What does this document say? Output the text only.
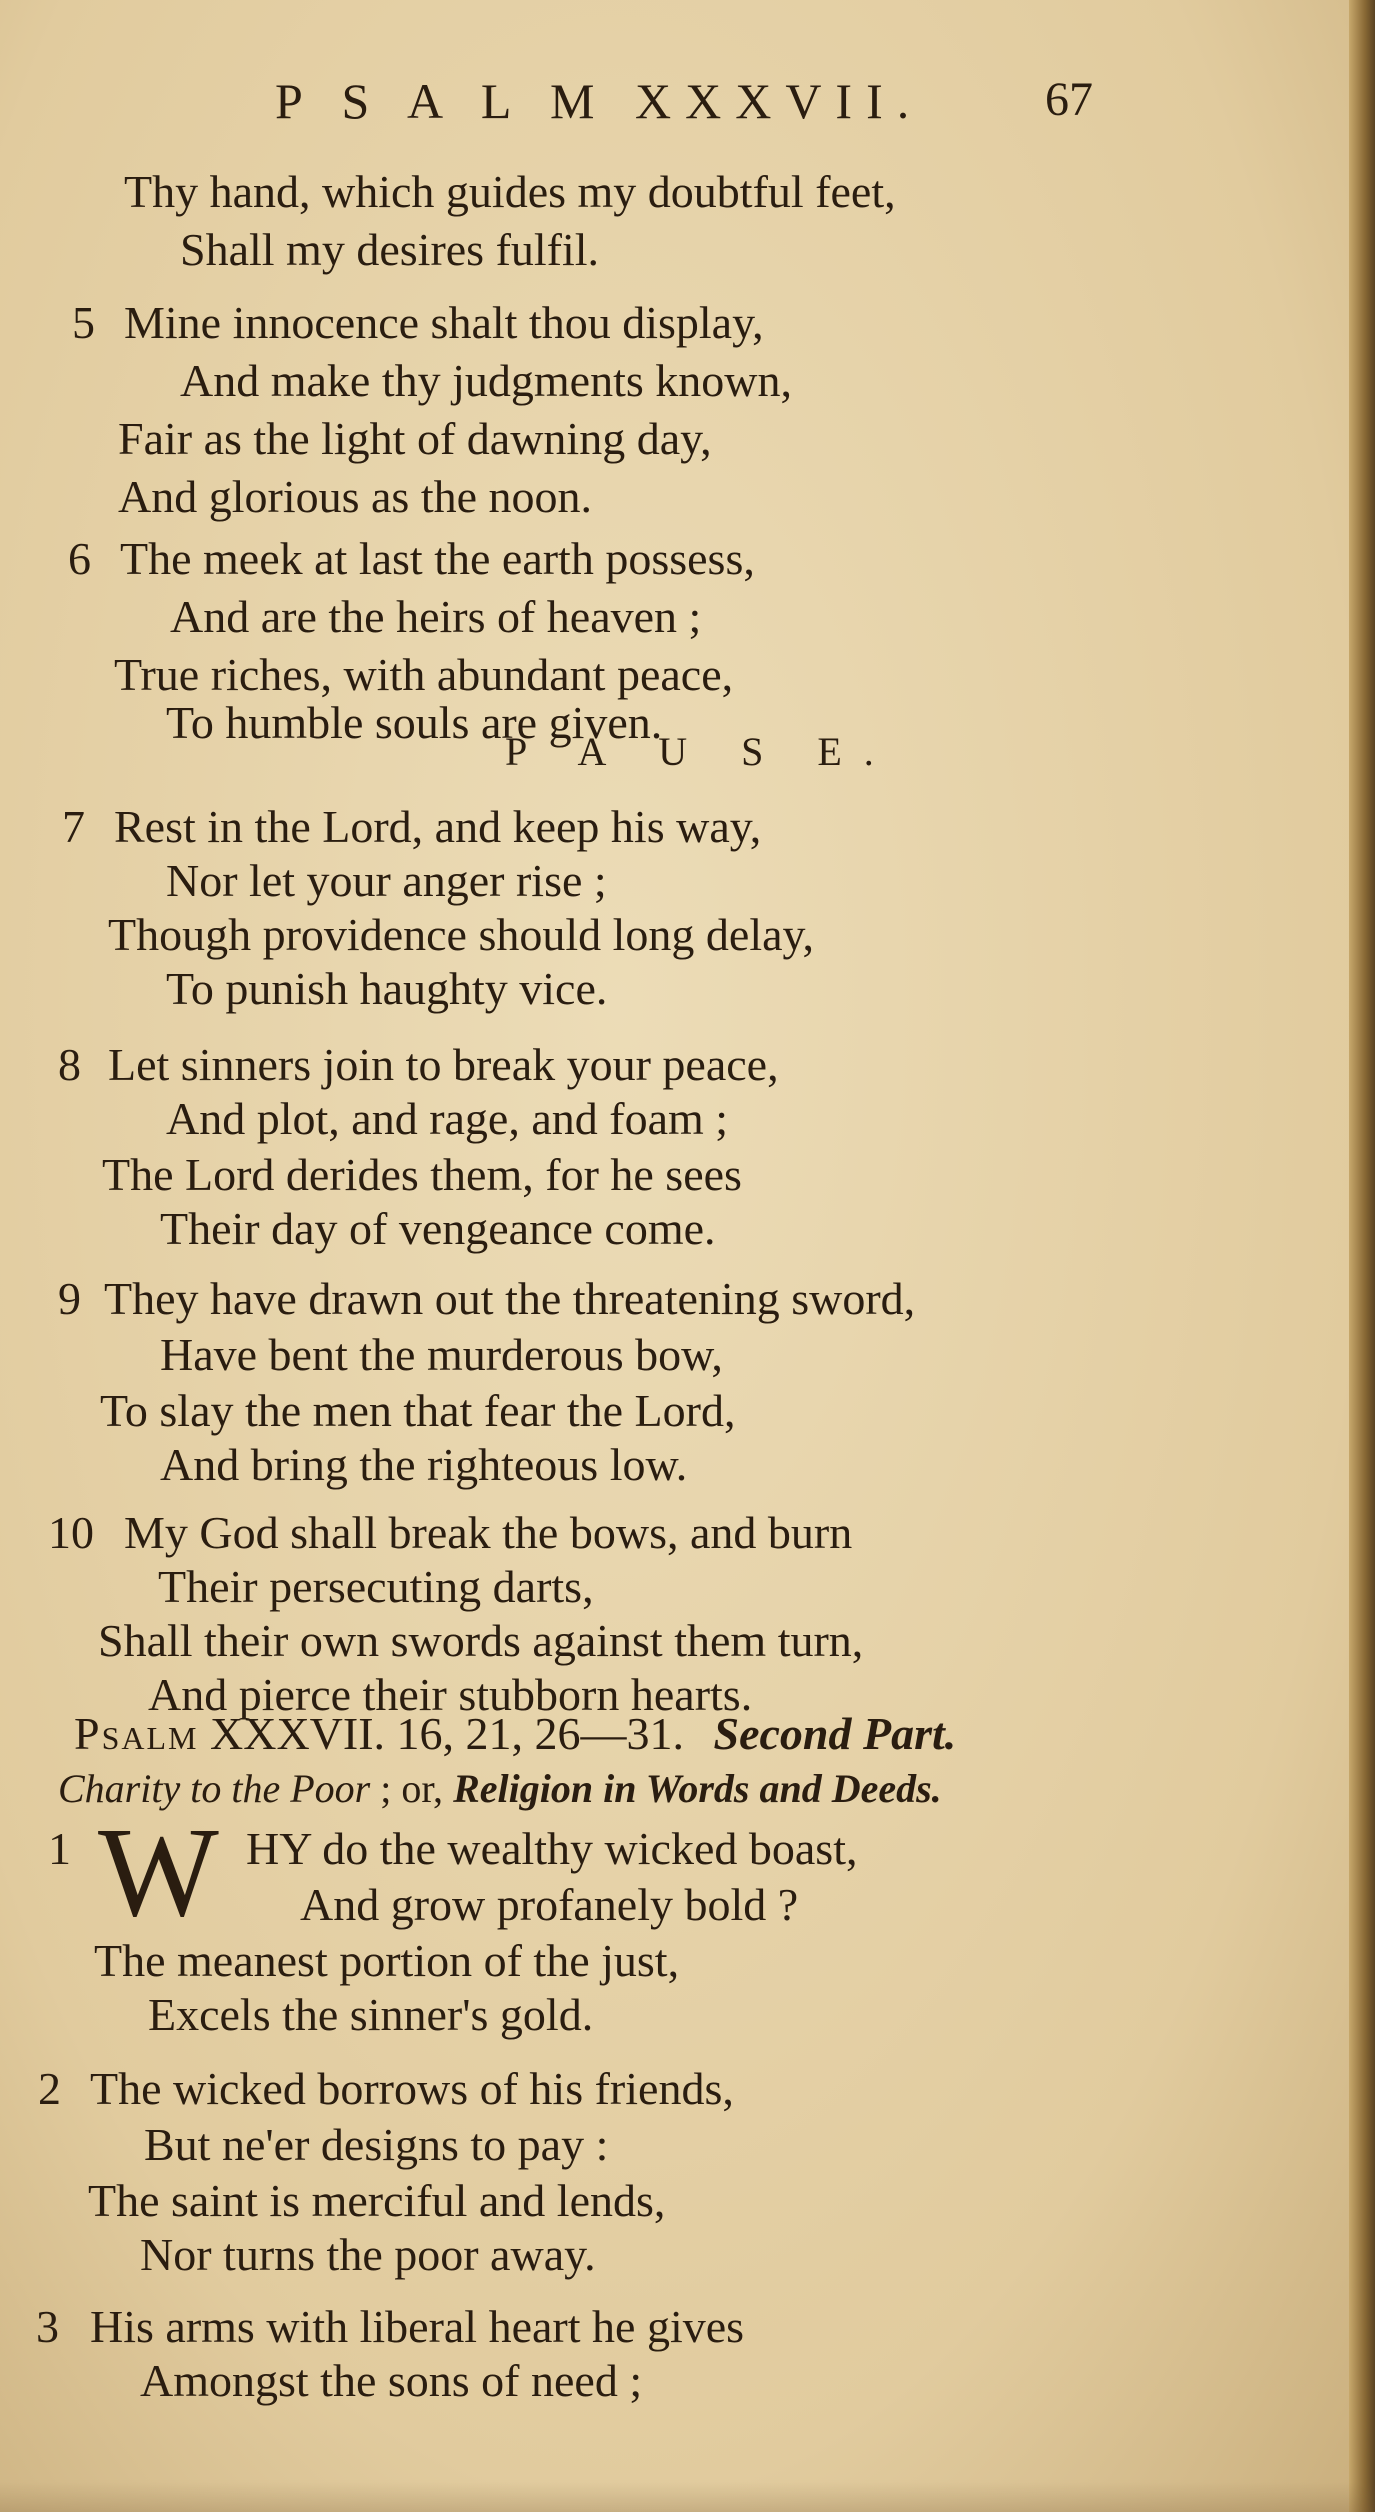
P S A L M XXXVII.	67
Thy hand, which guides my doubtful feet,
Shall my desires fulfil.
5 Mine innocence shalt thou display,
And make thy judgments known,
Fair as the light of dawning day,
And glorious as the noon.
6 The meek at last the earth possess,
And are the heirs of heaven ;
True riches, with abundant peace,
To humble souls are given.
P A U S E.
7 Rest in the Lord, and keep his way,
Nor let your anger rise ;
Though providence should long delay,
To punish haughty vice.
8 Let sinners join to break your peace,
And plot, and rage, and foam ;
The Lord derides them, for he sees
Their day of vengeance come.
9 They have drawn out the threatening sword,
Have bent the murderous bow,
To slay the men that fear the Lord,
And bring the righteous low.
10 My God shall break the bows, and burn
Their persecuting darts,
Shall their own swords against them turn,
And pierce their stubborn hearts.
Psalm XXXVII. 16, 21, 26—31. Second Part.
Charity to the Poor ; or, Religion in Words and Deeds.
1 W HY do the wealthy wicked boast,
And grow profanely bold ?
The meanest portion of the just,
Excels the sinner's gold.
2 The wicked borrows of his friends,
But ne'er designs to pay :
The saint is merciful and lends,
Nor turns the poor away.
3 His arms with liberal heart he gives
Amongst the sons of need ;
